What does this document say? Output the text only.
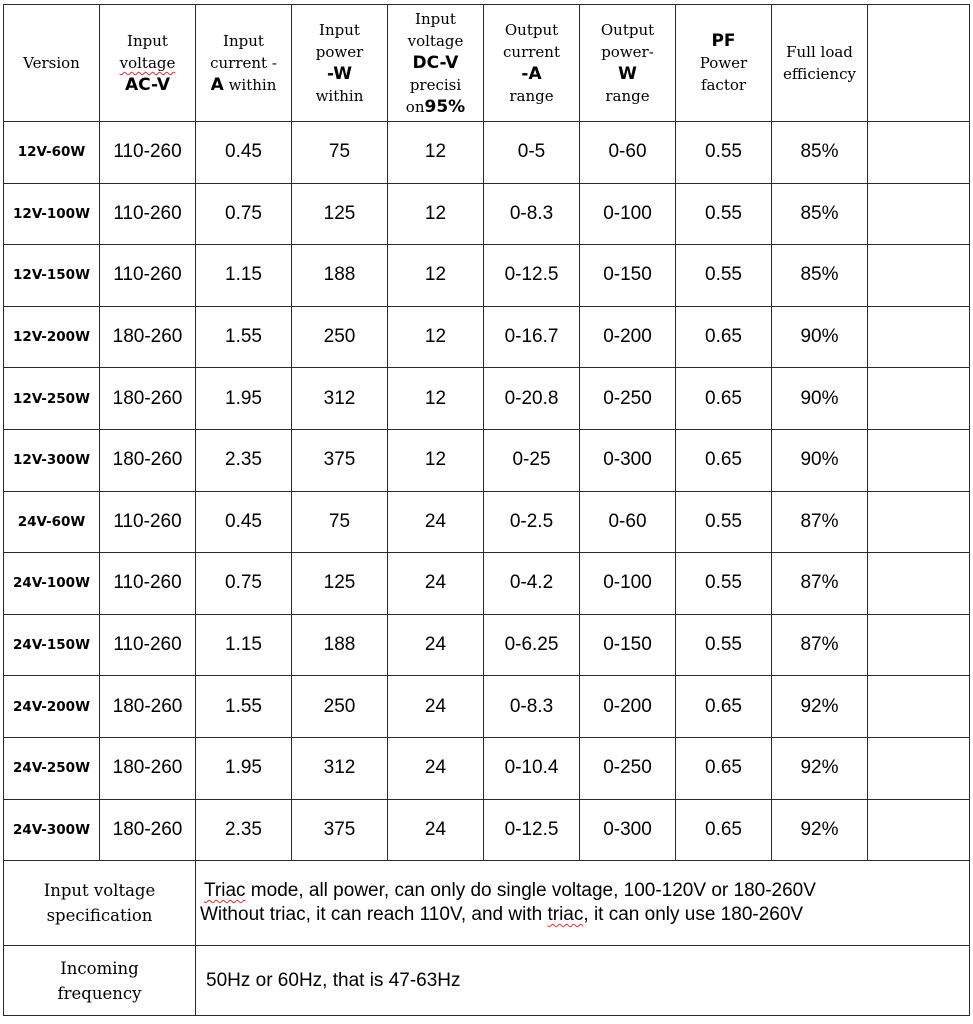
Version	Input
voltage
AC-V	Input
current -
A within	Input
power
-W
within	Input
voltage
DC-V
precisi
on95%	Output
current
-A
range	Output
power-
W
range	PF
Power
factor	Full load
efficiency	
12V-60W	110-260	0.45	75	12	0-5	0-60	0.55	85%	
12V-100W	110-260	0.75	125	12	0-8.3	0-100	0.55	85%	
12V-150W	110-260	1.15	188	12	0-12.5	0-150	0.55	85%	
12V-200W	180-260	1.55	250	12	0-16.7	0-200	0.65	90%	
12V-250W	180-260	1.95	312	12	0-20.8	0-250	0.65	90%	
12V-300W	180-260	2.35	375	12	0-25	0-300	0.65	90%	
24V-60W	110-260	0.45	75	24	0-2.5	0-60	0.55	87%	
24V-100W	110-260	0.75	125	24	0-4.2	0-100	0.55	87%	
24V-150W	110-260	1.15	188	24	0-6.25	0-150	0.55	87%	
24V-200W	180-260	1.55	250	24	0-8.3	0-200	0.65	92%	
24V-250W	180-260	1.95	312	24	0-10.4	0-250	0.65	92%	
24V-300W	180-260	2.35	375	24	0-12.5	0-300	0.65	92%	
Input voltage
specification		Triac mode, all power, can only do single voltage, 100-120V or 180-260V
Without triac, it can reach 110V, and with triac, it can only use 180-260V							
Incoming
frequency		50Hz or 60Hz, that is 47-63Hz							
